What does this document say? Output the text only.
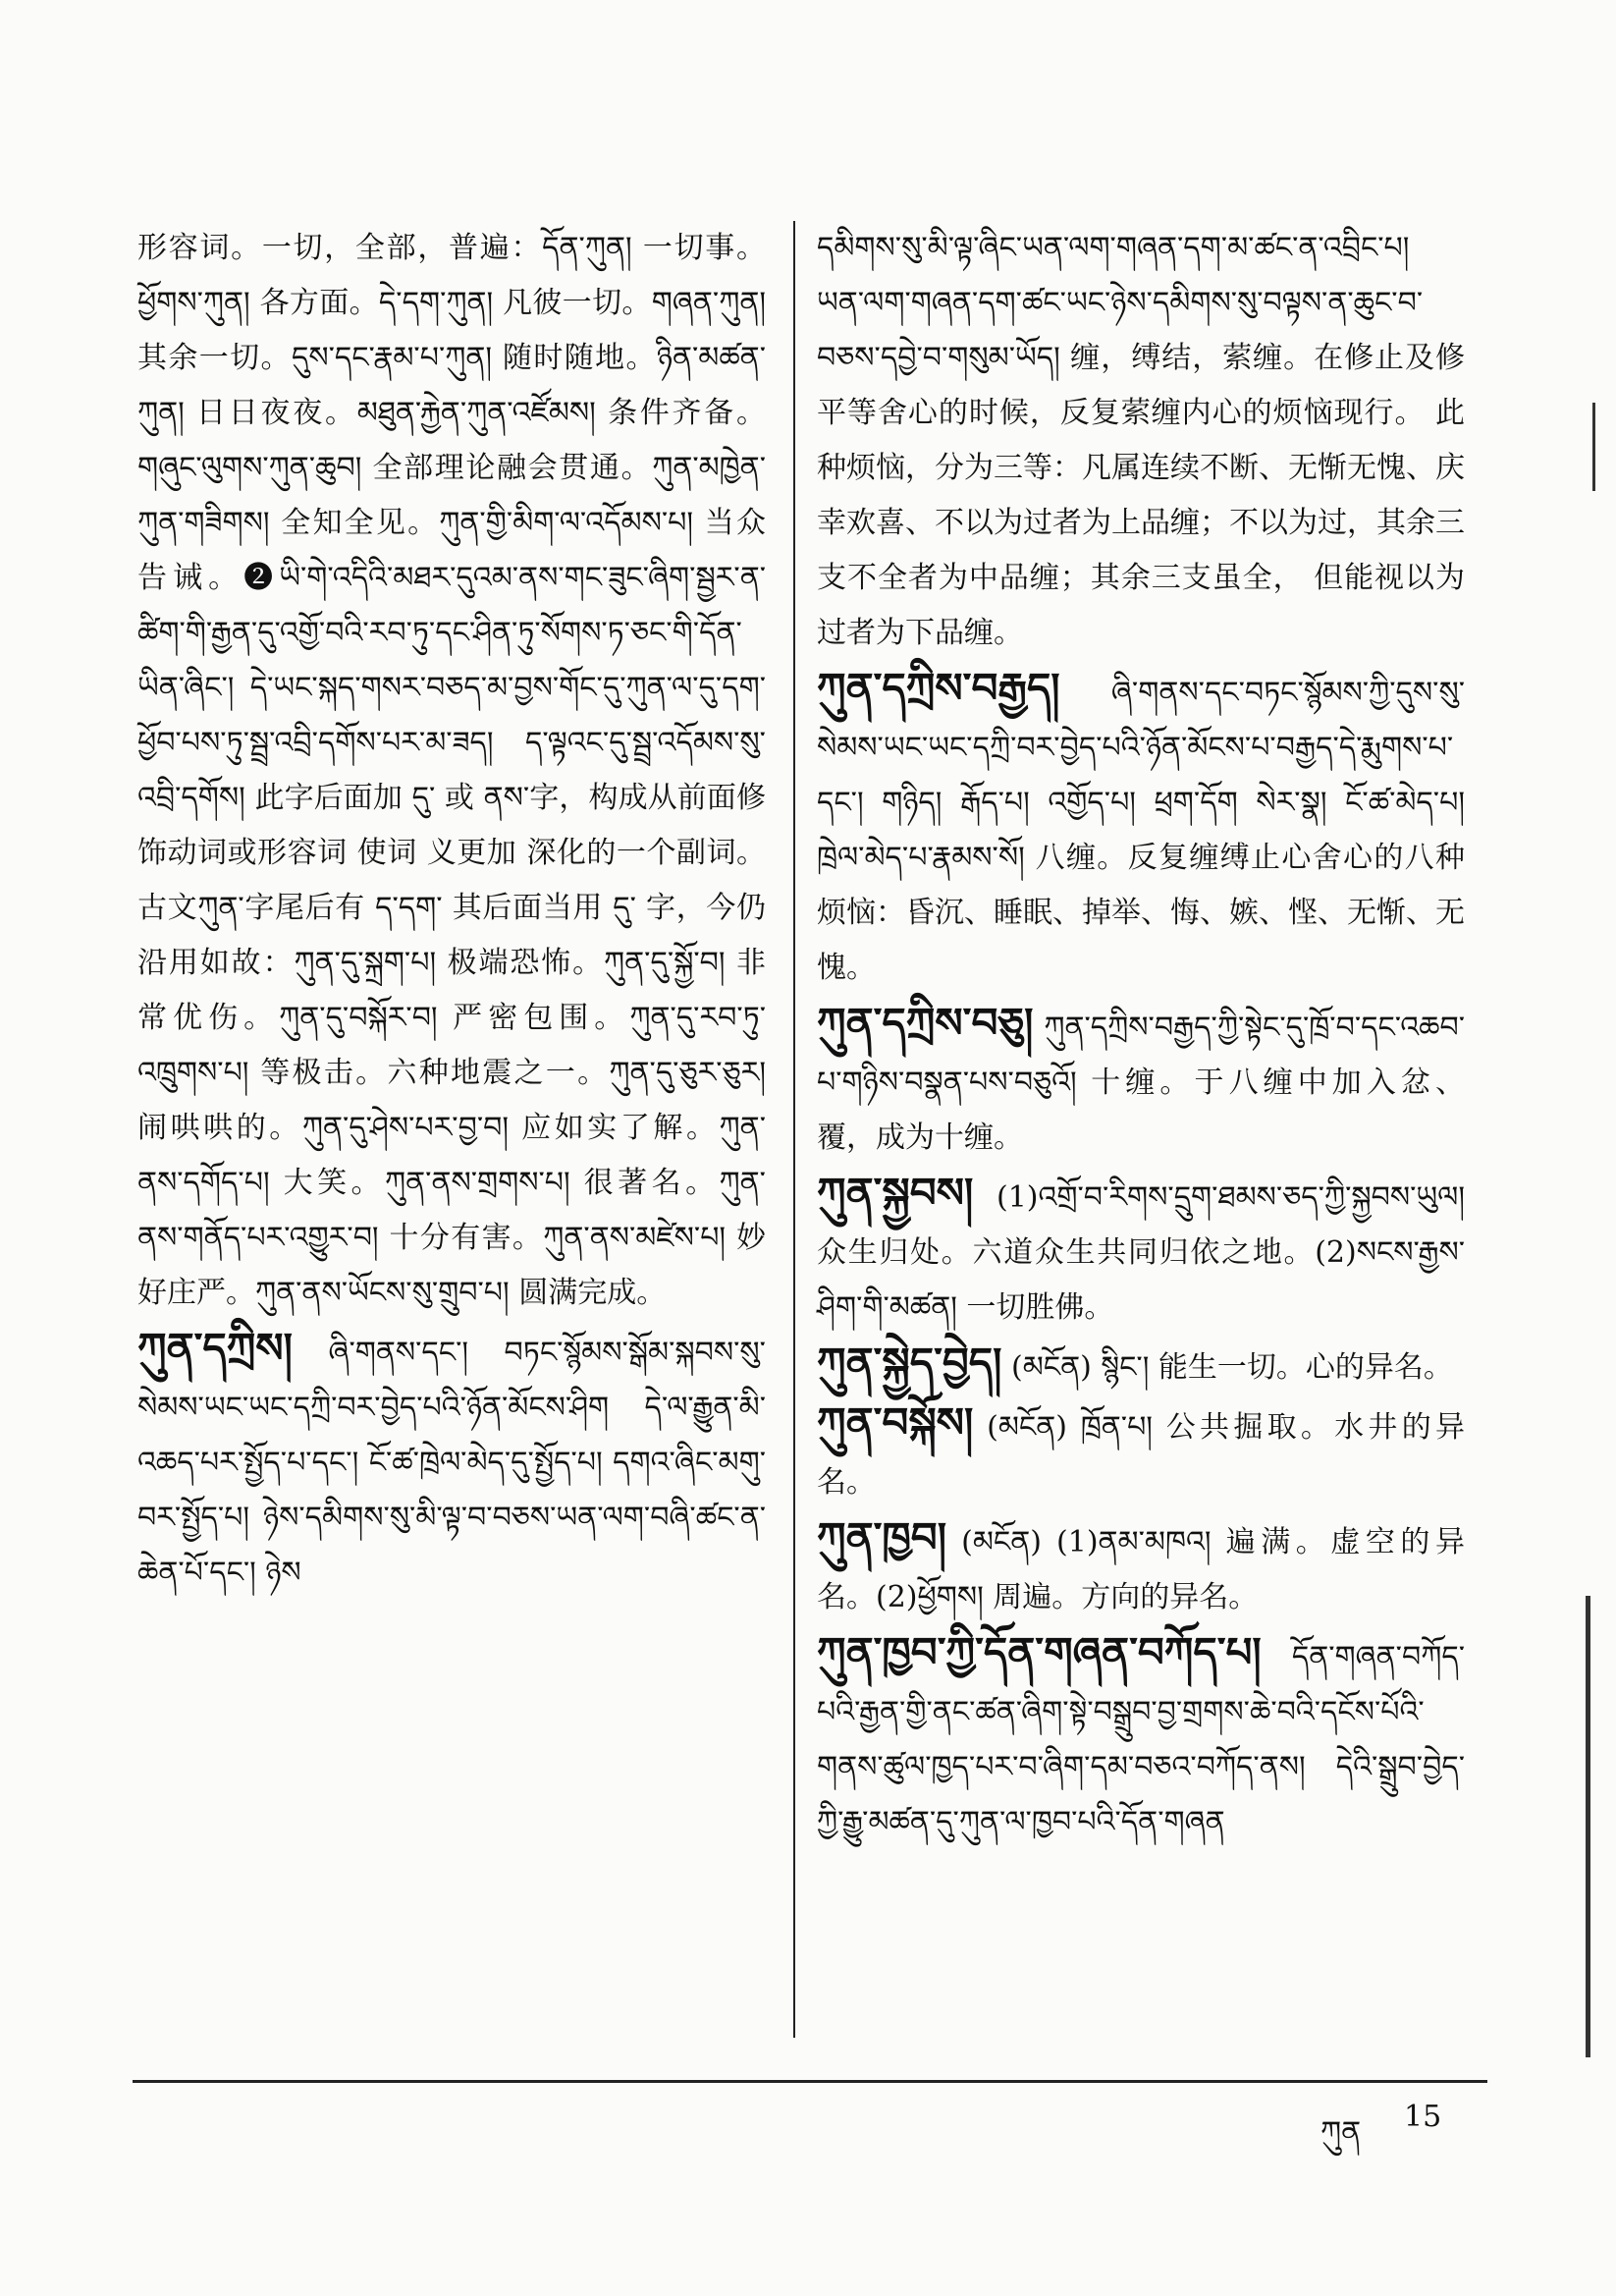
形容词。一切，全部，普遍：དོན་ཀུན། 一切事。ཕྱོགས་ཀུན། 各方面。དེ་དག་ཀུན། 凡彼一切。གཞན་ཀུན། 其余一切。དུས་དང་རྣམ་པ་ཀུན། 随时随地。ཉིན་མཚན་ཀུན། 日日夜夜。མཐུན་རྐྱེན་ཀུན་འཛོམས། 条件齐备。གཞུང་ལུགས་ཀུན་ཆུབ། 全部理论融会贯通。ཀུན་མཁྱེན་ཀུན་གཟིགས། 全知全见。ཀུན་གྱི་མིག་ལ་འདོམས་པ། 当众告诫。❷ཡི་གེ་འདིའི་མཐར་དུའམ་ནས་གང་ཟུང་ཞིག་སྦྱར་ན་ཚིག་གི་རྒྱན་དུ་འགྱོ་བའི་རབ་ཏུ་དང་ཤིན་ཏུ་སོགས་ཏ་ཅང་གི་དོན་ཡིན་ཞིང་། དེ་ཡང་སྐད་གསར་བཅད་མ་བྱས་གོང་དུ་ཀུན་ལ་དུ་དག་ཕྱོབ་པས་ཏུ་སྦྲ་འབྲི་དགོས་པར་མ་ཟད། ད་ལྟའང་དུ་སྦྲ་འདོམས་སུ་འབྲི་དགོས། 此字后面加 དུ་ 或 ནས་字，构成从前面修饰动词或形容词 使词 义更加 深化的一个副词。古文ཀུན་字尾后有 ད་དག་ 其后面当用 དུ་ 字，今仍沿用如故：ཀུན་དུ་སྐྲག་པ། 极端恐怖。ཀུན་དུ་སྐྱོ་བ། 非常优伤。ཀུན་དུ་བསྐོར་བ། 严密包围。ཀུན་དུ་རབ་ཏུ་འཁྲུགས་པ། 等极击。六种地震之一。ཀུན་དུ་ཅུར་ཅུར། 闹哄哄的。ཀུན་དུ་ཤེས་པར་བྱ་བ། 应如实了解。ཀུན་ནས་དགོད་པ། 大笑。ཀུན་ནས་གྲགས་པ། 很著名。ཀུན་ནས་གནོད་པར་འགྱུར་བ། 十分有害。ཀུན་ནས་མཛེས་པ། 妙好庄严。ཀུན་ནས་ཡོངས་སུ་གྲུབ་པ། 圆满完成。

ཀུན་དཀྲིས། ཞི་གནས་དང་། བཏང་སྙོམས་སྒོམ་སྐབས་སུ་སེམས་ཡང་ཡང་དཀྲི་བར་བྱེད་པའི་ཉོན་མོངས་ཤིག དེ་ལ་རྒྱུན་མི་འཆད་པར་སྤྱོད་པ་དང་། ངོ་ཚ་ཁྲེལ་མེད་དུ་སྤྱོད་པ། དགའ་ཞིང་མགུ་བར་སྤྱོད་པ། ཉེས་དམིགས་སུ་མི་ལྟ་བ་བཅས་ཡན་ལག་བཞི་ཚང་ན་ཆེན་པོ་དང་། ཉེས

དམིགས་སུ་མི་ལྟ་ཞིང་ཡན་ལག་གཞན་དག་མ་ཚང་ན་འབྲིང་པ། ཡན་ལག་གཞན་དག་ཚང་ཡང་ཉེས་དམིགས་སུ་བལྟས་ན་ཆུང་བ་བཅས་དབྱེ་བ་གསུམ་ཡོད། 缠，缚结，萦缠。在修止及修平等舍心的时候，反复萦缠内心的烦恼现行。 此种烦恼，分为三等：凡属连续不断、无惭无愧、庆幸欢喜、不以为过者为上品缠；不以为过，其余三支不全者为中品缠；其余三支虽全， 但能视以为过者为下品缠。

ཀུན་དཀྲིས་བརྒྱད། ཞི་གནས་དང་བཏང་སྙོམས་ཀྱི་དུས་སུ་སེམས་ཡང་ཡང་དཀྲི་བར་བྱེད་པའི་ཉོན་མོངས་པ་བརྒྱད་དེ་རྨུགས་པ་དང་། གཉིད། རྒོད་པ། འགྱོད་པ། ཕྲག་དོག སེར་སྣ། ངོ་ཚ་མེད་པ། ཁྲེལ་མེད་པ་རྣམས་སོ། 八缠。反复缠缚止心舍心的八种烦恼：昏沉、睡眠、掉举、悔、嫉、悭、无惭、无愧。

ཀུན་དཀྲིས་བཅུ། ཀུན་དཀྲིས་བརྒྱད་ཀྱི་སྟེང་དུ་ཁྲོ་བ་དང་འཆབ་པ་གཉིས་བསྣན་པས་བཅུའོ། 十缠。于八缠中加入忿、覆，成为十缠。

ཀུན་སྐྱབས། (1)འགྲོ་བ་རིགས་དྲུག་ཐམས་ཅད་ཀྱི་སྐྱབས་ཡུལ། 众生归处。六道众生共同归依之地。(2)སངས་རྒྱས་ཤིག་གི་མཚན། 一切胜佛。

ཀུན་སྐྱེད་བྱེད། (མངོན) སྙིང་། 能生一切。心的异名。

ཀུན་བསྐོས། (མངོན) ཁྲོན་པ། 公共掘取。水井的异名。

ཀུན་ཁྱབ། (མངོན) (1)ནམ་མཁའ། 遍满。虚空的异名。(2)ཕྱོགས། 周遍。方向的异名。

ཀུན་ཁྱབ་ཀྱི་དོན་གཞན་བཀོད་པ། དོན་གཞན་བཀོད་པའི་རྒྱན་གྱི་ནང་ཚན་ཞིག་སྟེ་བསྒྲུབ་བྱ་གྲགས་ཆེ་བའི་དངོས་པོའི་གནས་ཚུལ་ཁྱད་པར་བ་ཞིག་དམ་བཅའ་བཀོད་ནས། དེའི་སྒྲུབ་བྱེད་ཀྱི་རྒྱུ་མཚན་དུ་ཀུན་ལ་ཁྱབ་པའི་དོན་གཞན

ཀུན 15
